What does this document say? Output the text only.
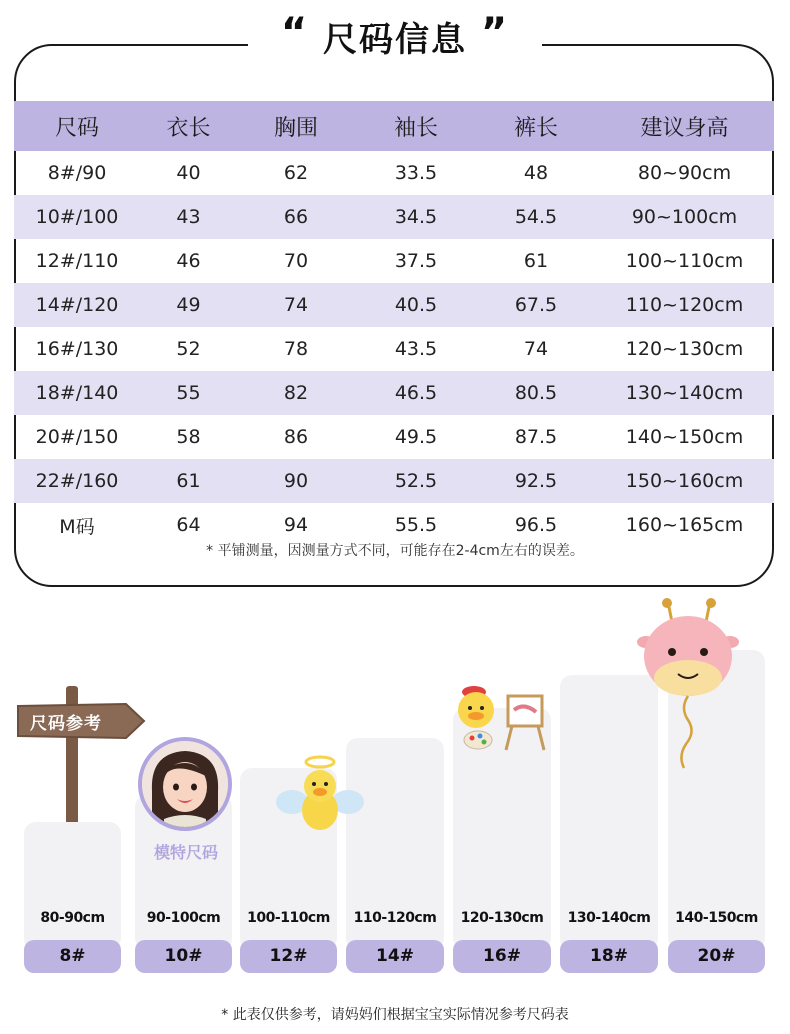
“ 尺码信息 ”
尺码	衣长	胸围	袖长	裤长	建议身高
8#/90	40	62	33.5	48	80~90cm
10#/100	43	66	34.5	54.5	90~100cm
12#/110	46	70	37.5	61	100~110cm
14#/120	49	74	40.5	67.5	110~120cm
16#/130	52	78	43.5	74	120~130cm
18#/140	55	82	46.5	80.5	130~140cm
20#/150	58	86	49.5	87.5	140~150cm
22#/160	61	90	52.5	92.5	150~160cm
M码	64	94	55.5	96.5	160~165cm
* 平铺测量，因测量方式不同，可能存在2-4cm左右的误差。
尺码参考
模特尺码
80-90cm	90-100cm	100-110cm	110-120cm	120-130cm	130-140cm	140-150cm
8#	10#	12#	14#	16#	18#	20#
* 此表仅供参考，请妈妈们根据宝宝实际情况参考尺码表
